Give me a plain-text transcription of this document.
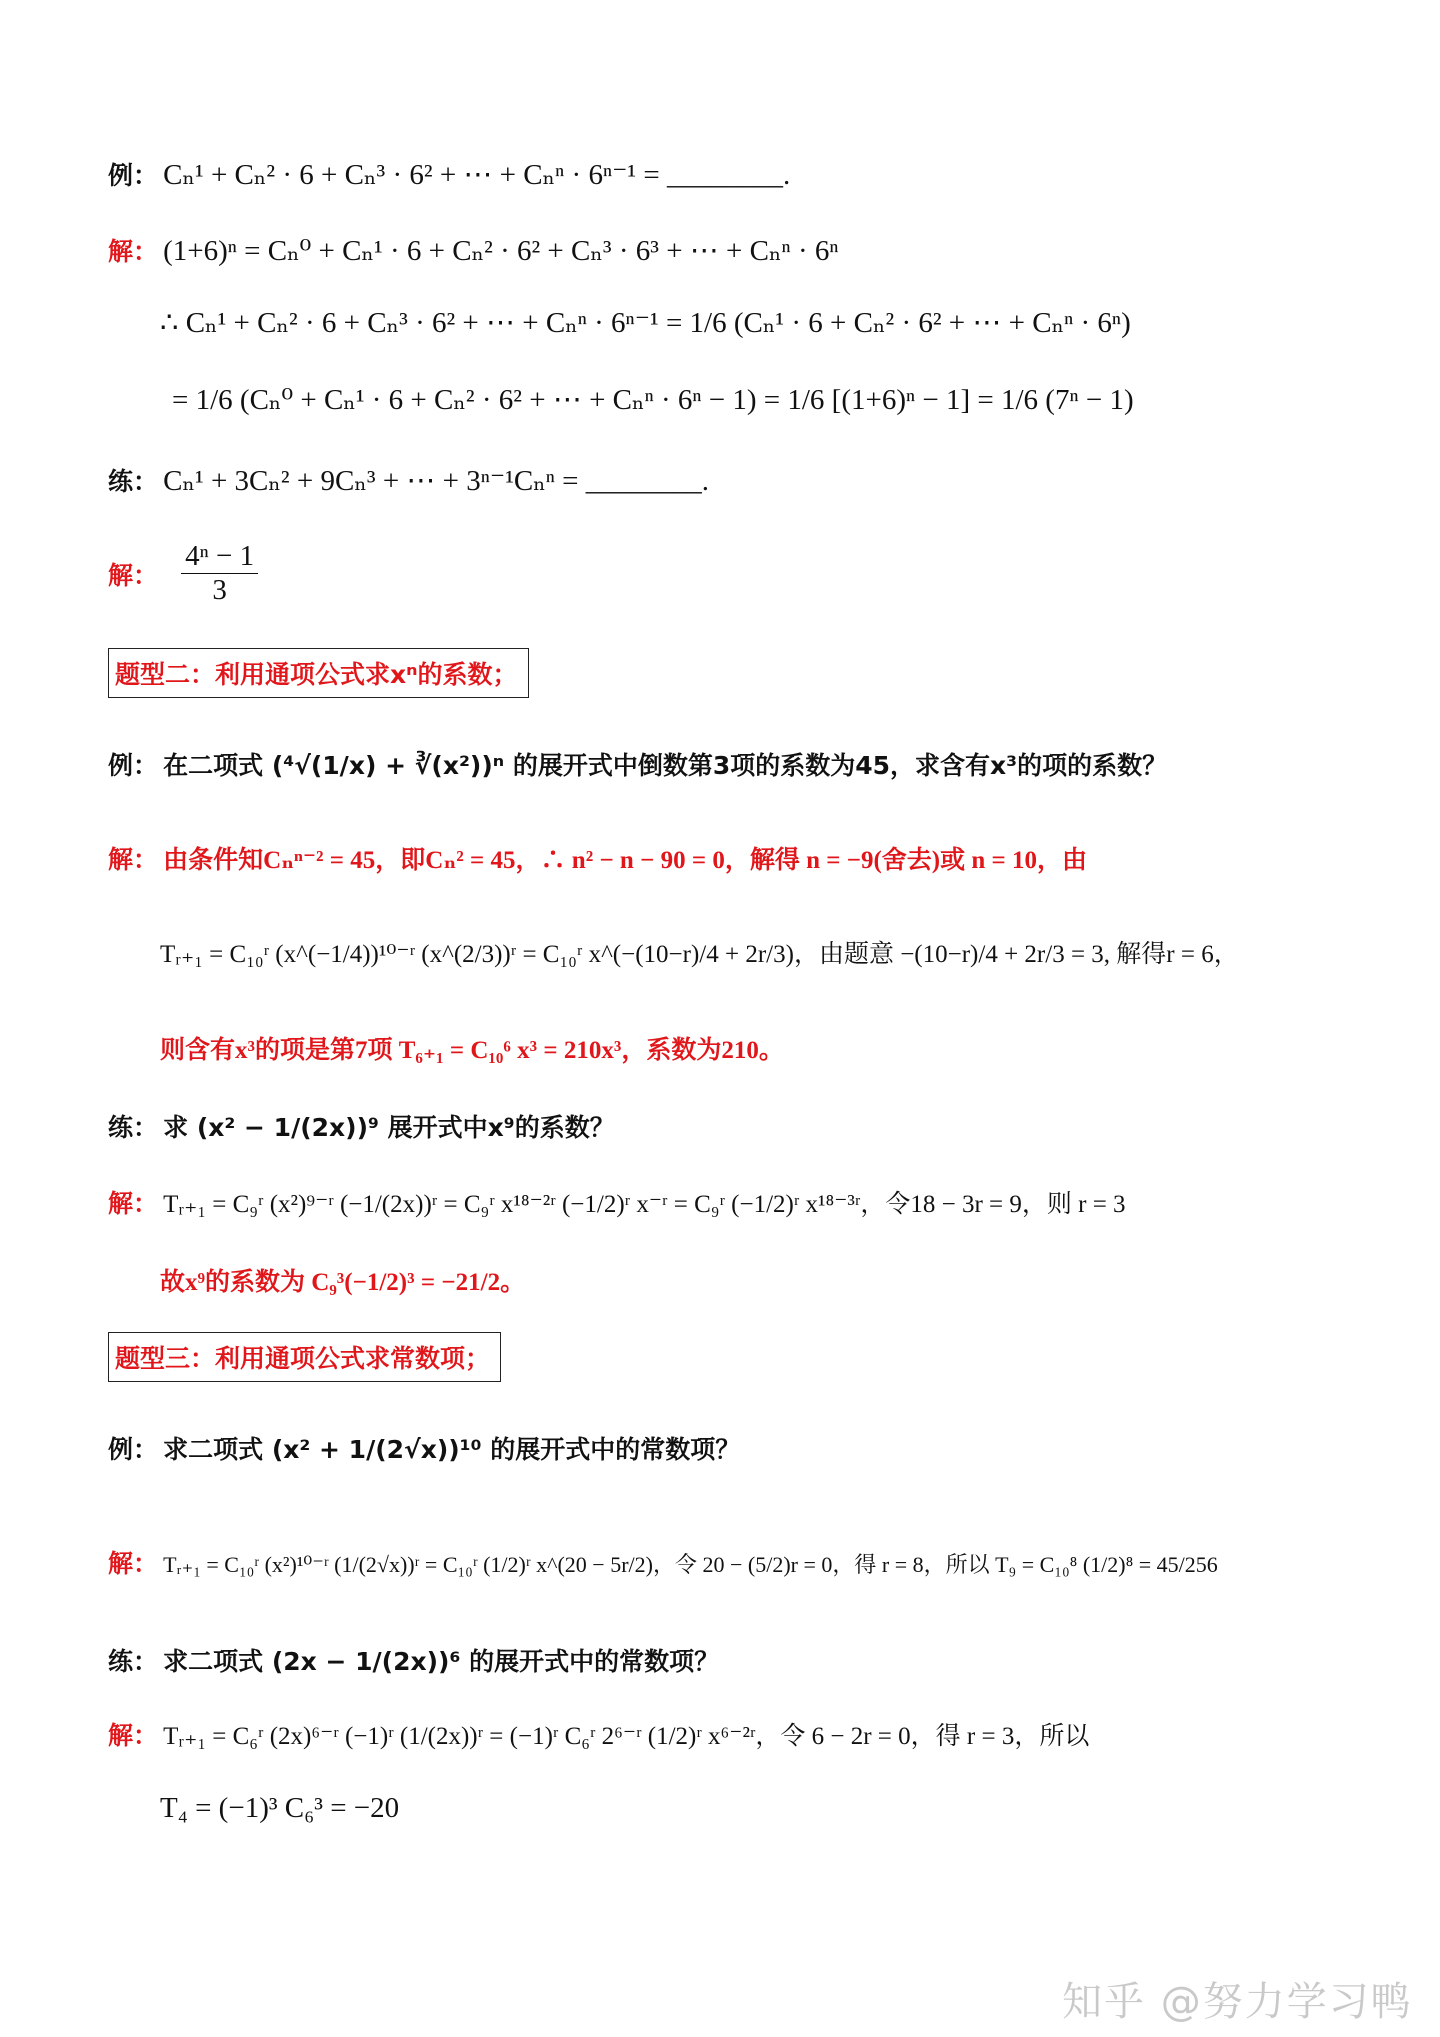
例： Cₙ¹ + Cₙ² · 6 + Cₙ³ · 6² + ⋯ + Cₙⁿ · 6ⁿ⁻¹ = ________.
解： (1+6)ⁿ = Cₙ⁰ + Cₙ¹ · 6 + Cₙ² · 6² + Cₙ³ · 6³ + ⋯ + Cₙⁿ · 6ⁿ
∴ Cₙ¹ + Cₙ² · 6 + Cₙ³ · 6² + ⋯ + Cₙⁿ · 6ⁿ⁻¹ = 1/6 (Cₙ¹ · 6 + Cₙ² · 6² + ⋯ + Cₙⁿ · 6ⁿ)
= 1/6 (Cₙ⁰ + Cₙ¹ · 6 + Cₙ² · 6² + ⋯ + Cₙⁿ · 6ⁿ − 1) = 1/6 [(1+6)ⁿ − 1] = 1/6 (7ⁿ − 1)
练： Cₙ¹ + 3Cₙ² + 9Cₙ³ + ⋯ + 3ⁿ⁻¹Cₙⁿ = ________.
解： $\frac{\text{4ⁿ − 1}}{3}$
题型二：利用通项公式求xⁿ的系数；
例： 在二项式 (⁴√(1/x) + ∛(x²))ⁿ 的展开式中倒数第3项的系数为45，求含有x³的项的系数？
解： 由条件知Cₙⁿ⁻² = 45，即Cₙ² = 45，∴ n² − n − 90 = 0，解得 n = −9(舍去)或 n = 10，由
Tᵣ₊₁ = C₁₀ʳ (x^(−1/4))¹⁰⁻ʳ (x^(2/3))ʳ = C₁₀ʳ x^(−(10−r)/4 + 2r/3)，由题意 −(10−r)/4 + 2r/3 = 3, 解得r = 6，
则含有x³的项是第7项 T₆₊₁ = C₁₀⁶ x³ = 210x³，系数为210。
练： 求 (x² − 1/(2x))⁹ 展开式中x⁹的系数？
解： Tᵣ₊₁ = C₉ʳ (x²)⁹⁻ʳ (−1/(2x))ʳ = C₉ʳ x¹⁸⁻²ʳ (−1/2)ʳ x⁻ʳ = C₉ʳ (−1/2)ʳ x¹⁸⁻³ʳ，令18 − 3r = 9，则 r = 3
故x⁹的系数为 C₉³(−1/2)³ = −21/2。
题型三：利用通项公式求常数项；
例： 求二项式 (x² + 1/(2√x))¹⁰ 的展开式中的常数项？
解： Tᵣ₊₁ = C₁₀ʳ (x²)¹⁰⁻ʳ (1/(2√x))ʳ = C₁₀ʳ (1/2)ʳ x^(20 − 5r/2)，令 20 − (5/2)r = 0，得 r = 8，所以 T₉ = C₁₀⁸ (1/2)⁸ = 45/256
练： 求二项式 (2x − 1/(2x))⁶ 的展开式中的常数项？
解： Tᵣ₊₁ = C₆ʳ (2x)⁶⁻ʳ (−1)ʳ (1/(2x))ʳ = (−1)ʳ C₆ʳ 2⁶⁻ʳ (1/2)ʳ x⁶⁻²ʳ，令 6 − 2r = 0，得 r = 3，所以
T₄ = (−1)³ C₆³ = −20
知乎 @努力学习鸭
